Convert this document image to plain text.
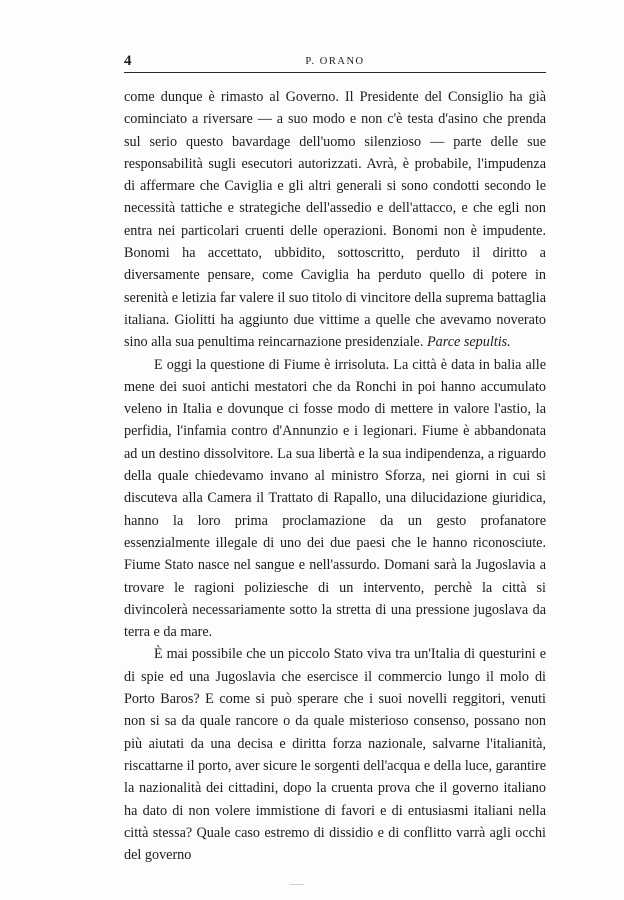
4	P. ORANO

come dunque è rimasto al Governo. Il Presidente del Consiglio ha già cominciato a riversare — a suo modo e non c'è testa d'asino che prenda sul serio questo bavardage dell'uomo silenzioso — parte delle sue responsabilità sugli esecutori autorizzati. Avrà, è probabile, l'impudenza di affermare che Caviglia e gli altri generali si sono condotti secondo le necessità tattiche e strategiche dell'assedio e dell'attacco, e che egli non entra nei particolari cruenti delle operazioni. Bonomi non è impudente. Bonomi ha accettato, ubbidito, sottoscritto, perduto il diritto a diversamente pensare, come Caviglia ha perduto quello di potere in serenità e letizia far valere il suo titolo di vincitore della suprema battaglia italiana. Giolitti ha aggiunto due vittime a quelle che avevamo noverato sino alla sua penultima reincarnazione presidenziale. Parce sepultis.

E oggi la questione di Fiume è irrisoluta. La città è data in balia alle mene dei suoi antichi mestatori che da Ronchi in poi hanno accumulato veleno in Italia e dovunque ci fosse modo di mettere in valore l'astio, la perfidia, l'infamia contro d'Annunzio e i legionari. Fiume è abbandonata ad un destino dissolvitore. La sua libertà e la sua indipendenza, a riguardo della quale chiedevamo invano al ministro Sforza, nei giorni in cui si discuteva alla Camera il Trattato di Rapallo, una dilucidazione giuridica, hanno la loro prima proclamazione da un gesto profanatore essenzialmente illegale di uno dei due paesi che le hanno riconosciute. Fiume Stato nasce nel sangue e nell'assurdo. Domani sarà la Jugoslavia a trovare le ragioni poliziesche di un intervento, perchè la città si divincolerà necessariamente sotto la stretta di una pressione jugoslava da terra e da mare.

È mai possibile che un piccolo Stato viva tra un'Italia di questurini e di spie ed una Jugoslavia che esercisce il commercio lungo il molo di Porto Baros? E come si può sperare che i suoi novelli reggitori, venuti non si sa da quale rancore o da quale misterioso consenso, possano non più aiutati da una decisa e diritta forza nazionale, salvarne l'italianità, riscattarne il porto, aver sicure le sorgenti dell'acqua e della luce, garantire la nazionalità dei cittadini, dopo la cruenta prova che il governo italiano ha dato di non volere immistione di favori e di entusiasmi italiani nella città stessa? Quale caso estremo di dissidio e di conflitto varrà agli occhi del governo
